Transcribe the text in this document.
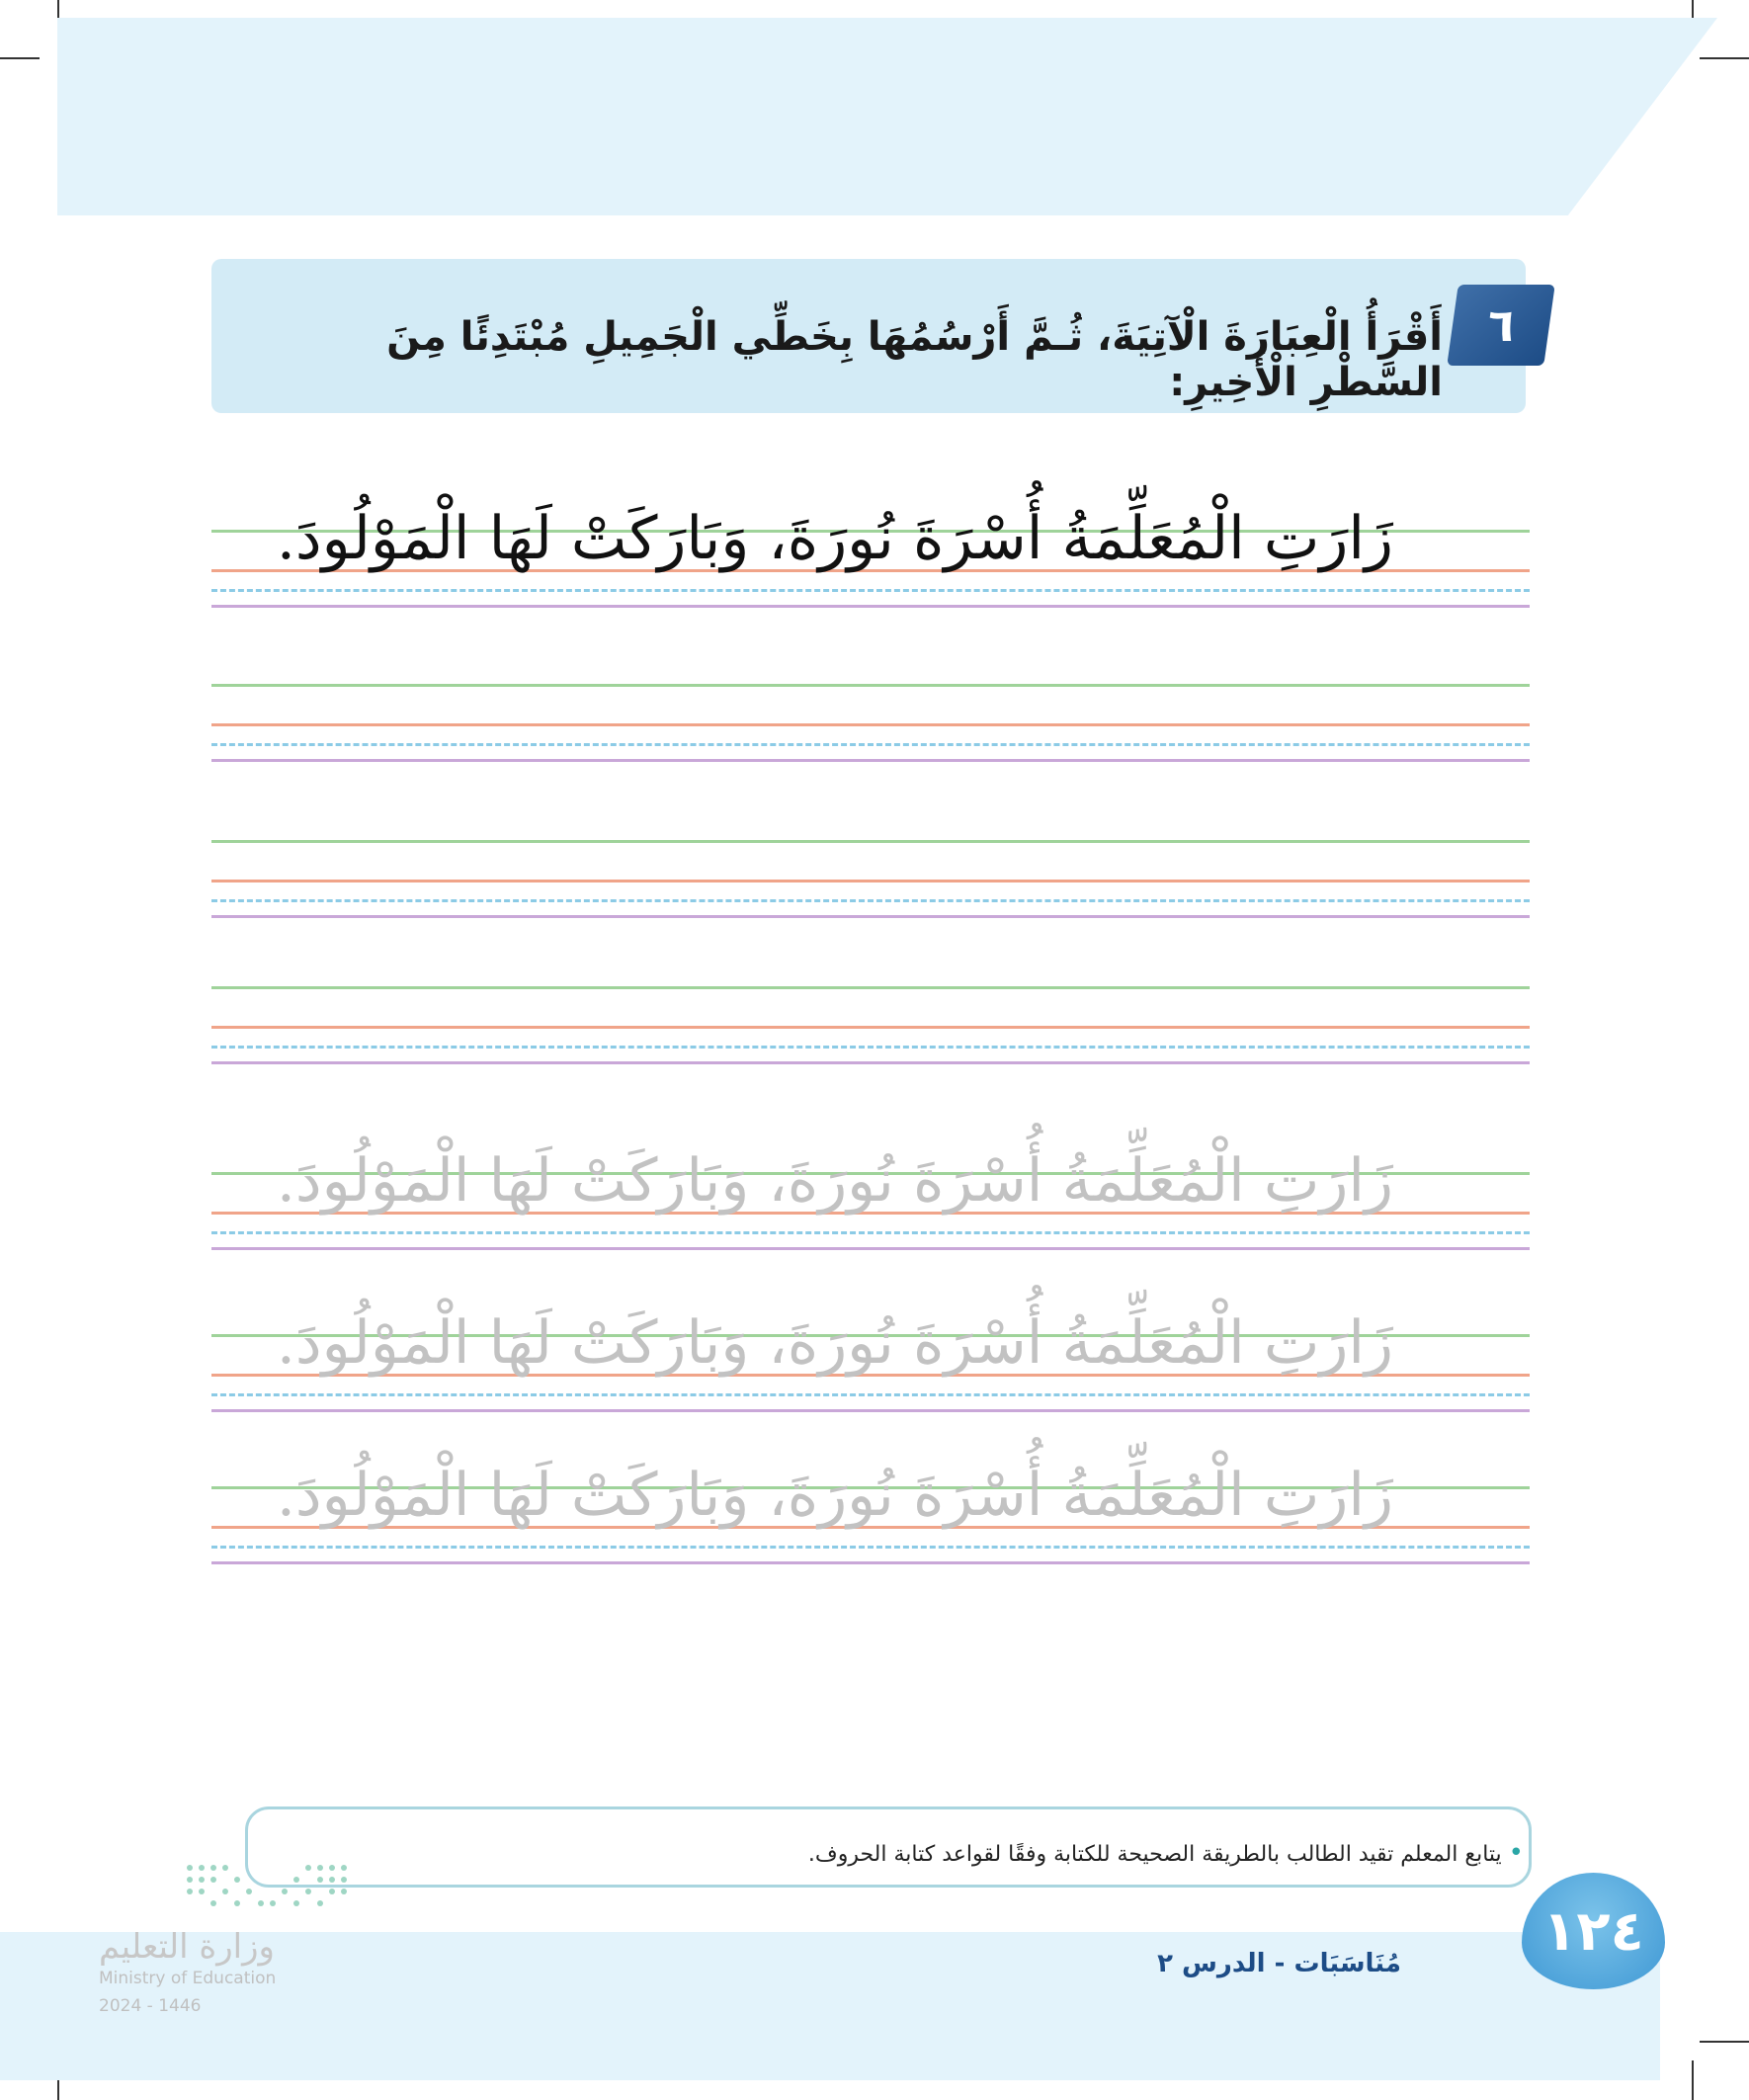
٦
أَقْرَأُ الْعِبَارَةَ الْآتِيَةَ، ثُـمَّ أَرْسُمُهَا بِخَطِّي الْجَمِيلِ مُبْتَدِئًا مِنَ السَّطْرِ الْأَخِيرِ:
زَارَتِ الْمُعَلِّمَةُ أُسْرَةَ نُورَةَ، وَبَارَكَتْ لَهَا الْمَوْلُودَ.
زَارَتِ الْمُعَلِّمَةُ أُسْرَةَ نُورَةَ، وَبَارَكَتْ لَهَا الْمَوْلُودَ.
زَارَتِ الْمُعَلِّمَةُ أُسْرَةَ نُورَةَ، وَبَارَكَتْ لَهَا الْمَوْلُودَ.
زَارَتِ الْمُعَلِّمَةُ أُسْرَةَ نُورَةَ، وَبَارَكَتْ لَهَا الْمَوْلُودَ.
• يتابع المعلم تقيد الطالب بالطريقة الصحيحة للكتابة وفقًا لقواعد كتابة الحروف.
١٢٤
مُنَاسَبَات - الدرس ٢
وزارة التعليم
Ministry of Education
2024 - 1446
